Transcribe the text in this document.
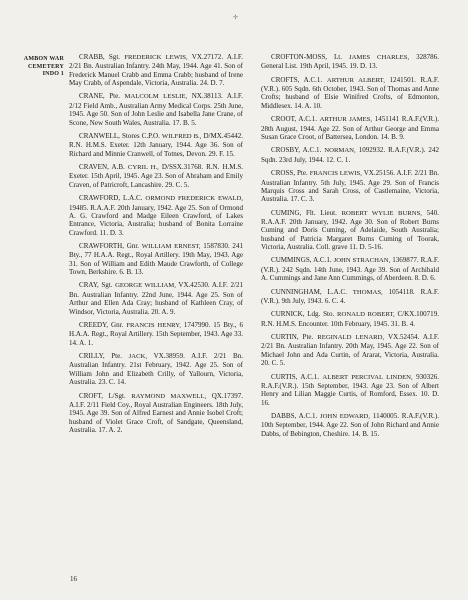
✢
AMBON WAR
CEMETERY
INDO 1

CRABB, Sgt. FREDERICK LEWIS, VX.27172. A.I.F. 2/21 Bn. Australian Infantry. 24th May, 1944. Age 41. Son of Frederick Manuel Crabb and Emma Crabb; husband of Irene May Crabb, of Aspendale, Victoria, Australia. 24. D. 7.

CRANE, Pte. MALCOLM LESLIE, NX.38113. A.I.F. 2/12 Field Amb., Australian Army Medical Corps. 25th June, 1945. Age 50. Son of John Leslie and Isabella Jane Crane, of Scone, New South Wales, Australia. 17. B. 5.

CRANWELL, Stores C.P.O. WILFRED B., D/MX.45442. R.N. H.M.S. Exeter. 12th January, 1944. Age 36. Son of Richard and Minnie Cranwell, of Totnes, Devon. 29. F. 15.

CRAVEN, A.B. CYRIL H., D/SSX.31768. R.N. H.M.S. Exeter. 15th April, 1945. Age 23. Son of Abraham and Emily Craven, of Patricroft, Lancashire. 29. C. 5.

CRAWFORD, L.A.C. ORMOND FREDERICK EWALD, 19485. R.A.A.F. 20th January, 1942. Age 25. Son of Ormond A. G. Crawford and Madge Eileen Crawford, of Lakes Entrance, Victoria, Australia; husband of Bonita Lorraine Crawford. 11. D. 3.

CRAWFORTH, Gnr. WILLIAM ERNEST, 1587830. 241 Bty., 77 H.A.A. Regt., Royal Artillery. 19th May, 1943. Age 31. Son of William and Edith Maude Crawforth, of College Town, Berkshire. 6. B. 13.

CRAY, Sgt. GEORGE WILLIAM, VX.42530. A.I.F. 2/21 Bn. Australian Infantry. 22nd June, 1944. Age 25. Son of Arthur and Ellen Ada Cray; husband of Kathleen Cray, of Windsor, Victoria, Australia. 20. A. 9.

CREEDY, Gnr. FRANCIS HENRY, 1747990. 15 Bty., 6 H.A.A. Regt., Royal Artillery. 15th September, 1943. Age 33. 14. A. 1.

CRILLY, Pte. JACK, VX.38959. A.I.F. 2/21 Bn. Australian Infantry. 21st February, 1942. Age 25. Son of William John and Elizabeth Crilly, of Yallourn, Victoria, Australia. 23. C. 14.

CROFT, L/Sgt. RAYMOND MAXWELL, QX.17397. A.I.F. 2/11 Field Coy., Royal Australian Engineers. 18th July, 1945. Age 39. Son of Alfred Earnest and Annie Isobel Croft; husband of Violet Grace Croft, of Sandgate, Queensland, Australia. 17. A. 2.

CROFTON-MOSS, Lt. JAMES CHARLES, 328786. General List. 19th April, 1945. 19. D. 13.

CROFTS, A.C.1. ARTHUR ALBERT, 1241501. R.A.F.(V.R.). 605 Sqdn. 6th October, 1943. Son of Thomas and Anne Crofts; husband of Elsie Winifred Crofts, of Edmonton, Middlesex. 14. A. 10.

CROOT, A.C.1. ARTHUR JAMES, 1451141 R.A.F.(V.R.). 28th August, 1944. Age 22. Son of Arthur George and Emma Susan Grace Croot, of Battersea, London. 14. B. 9.

CROSBY, A.C.1. NORMAN, 1092932. R.A.F.(V.R.). 242 Sqdn. 23rd July, 1944. 12. C. 1.

CROSS, Pte. FRANCIS LEWIS, VX.25156. A.I.F. 2/21 Bn. Australian Infantry. 5th July, 1945. Age 29. Son of Francis Marquis Cross and Sarah Cross, of Castlemaine, Victoria, Australia. 17. C. 3.

CUMING, Flt. Lieut. ROBERT WYLIE BURNS, 540. R.A.A.F. 20th January, 1942. Age 30. Son of Robert Burns Cuming and Doris Cuming, of Adelaide, South Australia; husband of Patricia Margaret Burns Cuming of Toorak, Victoria, Australia. Coll. grave 11. D. 5-16.

CUMMINGS, A.C.1. JOHN STRACHAN, 1369877. R.A.F.(V.R.). 242 Sqdn. 14th June, 1943. Age 39. Son of Archibald A. Cummings and Jane Ann Cummings, of Aberdeen. 8. D. 6.

CUNNINGHAM, L.A.C. THOMAS, 1054118. R.A.F.(V.R.). 9th July, 1943. 6. C. 4.

CURNICK, Ldg. Sto. RONALD ROBERT, C/KX.100719. R.N. H.M.S. Encounter. 10th February, 1945. 31. B. 4.

CURTIN, Pte. REGINALD LENARD, VX.52454. A.I.F. 2/21 Bn. Australian Infantry. 20th May, 1945. Age 22. Son of Michael John and Ada Curtin, of Ararat, Victoria, Australia. 20. C. 5.

CURTIS, A.C.1. ALBERT PERCIVAL LINDEN, 930326. R.A.F.(V.R.). 15th September, 1943. Age 23. Son of Albert Henry and Lilian Maggie Curtis, of Romford, Essex. 10. D. 16.

DABBS, A.C.1. JOHN EDWARD, 1140005. R.A.F.(V.R.). 10th September, 1944. Age 22. Son of John Richard and Annie Dabbs, of Bebington, Cheshire. 14. B. 15.

16
